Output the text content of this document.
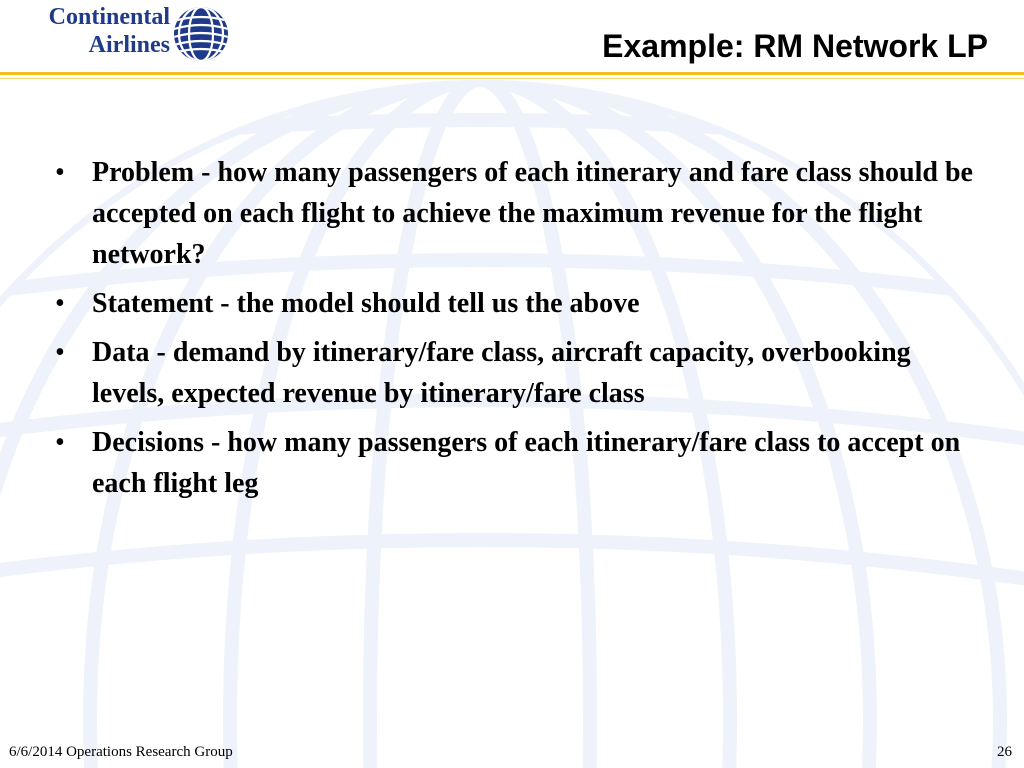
Continental
Airlines	Example: RM Network LP
• Problem - how many passengers of each itinerary and fare class should be accepted on each flight to achieve the maximum revenue for the flight network?
• Statement - the model should tell us the above
• Data - demand by itinerary/fare class, aircraft capacity, overbooking levels, expected revenue by itinerary/fare class
• Decisions - how many passengers of each itinerary/fare class to accept on each flight leg
6/6/2014 Operations Research Group	26
